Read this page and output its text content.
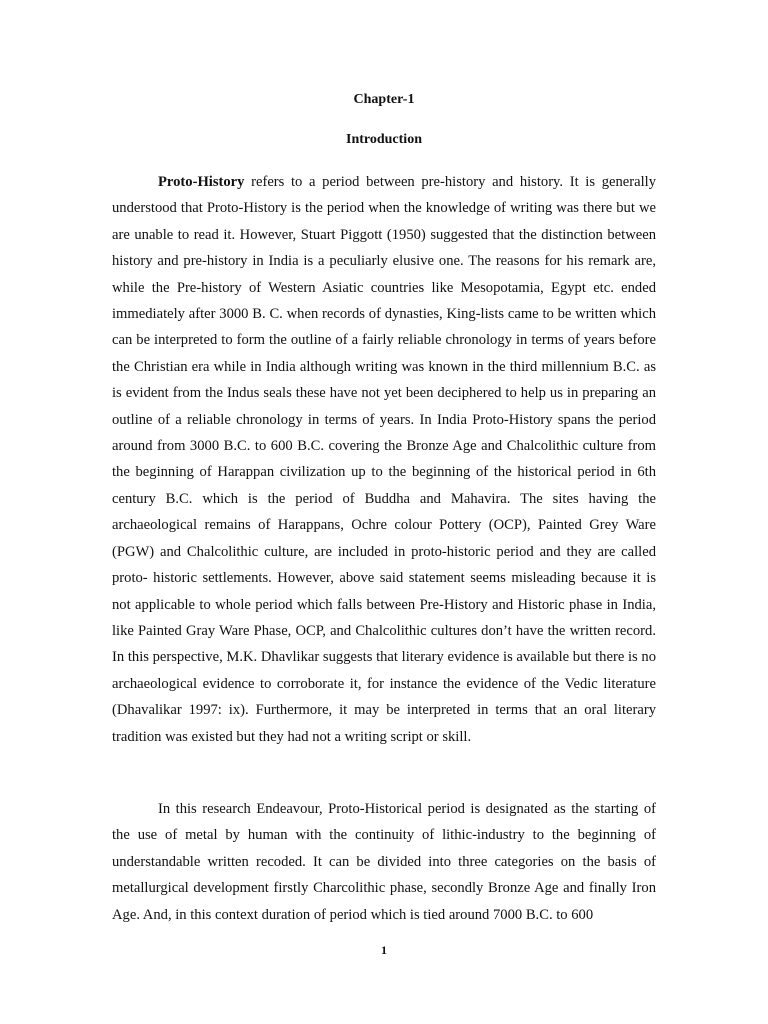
Chapter-1
Introduction

Proto-History refers to a period between pre-history and history. It is generally understood that Proto-History is the period when the knowledge of writing was there but we are unable to read it. However, Stuart Piggott (1950) suggested that the distinction between history and pre-history in India is a peculiarly elusive one. The reasons for his remark are, while the Pre-history of Western Asiatic countries like Mesopotamia, Egypt etc. ended immediately after 3000 B. C. when records of dynasties, King-lists came to be written which can be interpreted to form the outline of a fairly reliable chronology in terms of years before the Christian era while in India although writing was known in the third millennium B.C. as is evident from the Indus seals these have not yet been deciphered to help us in preparing an outline of a reliable chronology in terms of years. In India Proto-History spans the period around from 3000 B.C. to 600 B.C. covering the Bronze Age and Chalcolithic culture from the beginning of Harappan civilization up to the beginning of the historical period in 6th century B.C. which is the period of Buddha and Mahavira. The sites having the archaeological remains of Harappans, Ochre colour Pottery (OCP), Painted Grey Ware (PGW) and Chalcolithic culture, are included in proto-historic period and they are called proto- historic settlements. However, above said statement seems misleading because it is not applicable to whole period which falls between Pre-History and Historic phase in India, like Painted Gray Ware Phase, OCP, and Chalcolithic cultures don’t have the written record. In this perspective, M.K. Dhavlikar suggests that literary evidence is available but there is no archaeological evidence to corroborate it, for instance the evidence of the Vedic literature (Dhavalikar 1997: ix). Furthermore, it may be interpreted in terms that an oral literary tradition was existed but they had not a writing script or skill.

In this research Endeavour, Proto-Historical period is designated as the starting of the use of metal by human with the continuity of lithic-industry to the beginning of understandable written recoded. It can be divided into three categories on the basis of metallurgical development firstly Charcolithic phase, secondly Bronze Age and finally Iron Age. And, in this context duration of period which is tied around 7000 B.C. to 600

1
